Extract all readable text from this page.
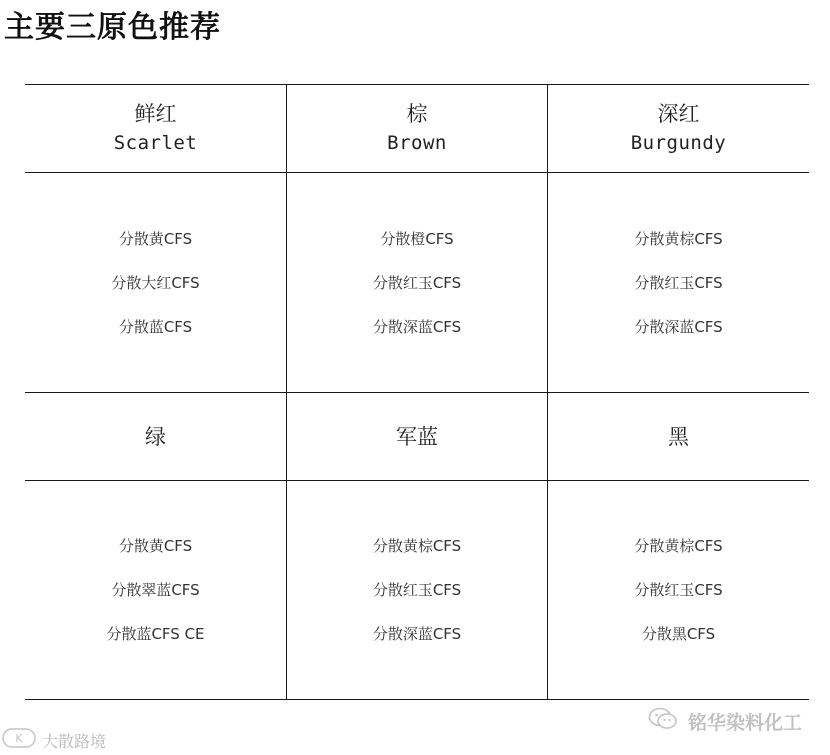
主要三原色推荐
鲜红
Scarlet
棕
Brown
深红
Burgundy
分散黄CFS
分散大红CFS
分散蓝CFS
分散橙CFS
分散红玉CFS
分散深蓝CFS
分散黄棕CFS
分散红玉CFS
分散深蓝CFS
绿	军蓝	黑
分散黄CFS
分散翠蓝CFS
分散蓝CFS CE
分散黄棕CFS
分散红玉CFS
分散深蓝CFS
分散黄棕CFS
分散红玉CFS
分散黑CFS
K 大散路境
铭华染料化工
